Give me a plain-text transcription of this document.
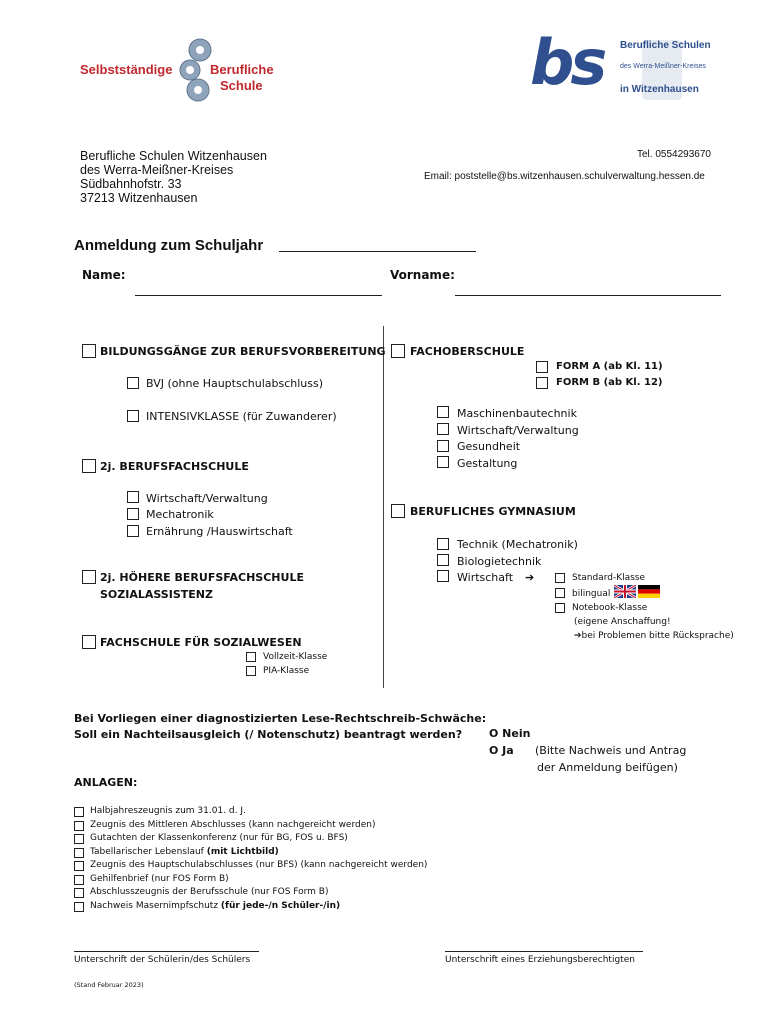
Selbstständige	Berufliche
Schule	bs Berufliche Schulen
des Werra-Meißner-Kreises
in Witzenhausen
Berufliche Schulen Witzenhausen
des Werra-Meißner-Kreises
Südbahnhofstr. 33
37213 Witzenhausen
Tel. 0554293670
Email: poststelle@bs.witzenhausen.schulverwaltung.hessen.de
Anmeldung zum Schuljahr
Name:	Vorname:
BILDUNGSGÄNGE ZUR BERUFSVORBEREITUNG
BVJ (ohne Hauptschulabschluss)
INTENSIVKLASSE (für Zuwanderer)
2j. BERUFSFACHSCHULE
Wirtschaft/Verwaltung
Mechatronik
Ernährung /Hauswirtschaft
2j. HÖHERE BERUFSFACHSCHULE
SOZIALASSISTENZ
FACHSCHULE FÜR SOZIALWESEN
Vollzeit-Klasse
PIA-Klasse
FACHOBERSCHULE
FORM A (ab Kl. 11)
FORM B (ab Kl. 12)
Maschinenbautechnik
Wirtschaft/Verwaltung
Gesundheit
Gestaltung
BERUFLICHES GYMNASIUM
Technik (Mechatronik)
Biologietechnik
Wirtschaft ➔	Standard-Klasse
bilingual
Notebook-Klasse
(eigene Anschaffung!
➔bei Problemen bitte Rücksprache)
Bei Vorliegen einer diagnostizierten Lese-Rechtschreib-Schwäche:
Soll ein Nachteilsausgleich (/ Notenschutz) beantragt werden? O Nein
O Ja (Bitte Nachweis und Antrag
der Anmeldung beifügen)
ANLAGEN:
Halbjahreszeugnis zum 31.01. d. J.
Zeugnis des Mittleren Abschlusses (kann nachgereicht werden)
Gutachten der Klassenkonferenz (nur für BG, FOS u. BFS)
Tabellarischer Lebenslauf (mit Lichtbild)
Zeugnis des Hauptschulabschlusses (nur BFS) (kann nachgereicht werden)
Gehilfenbrief (nur FOS Form B)
Abschlusszeugnis der Berufsschule (nur FOS Form B)
Nachweis Masernimpfschutz (für jede-/n Schüler-/in)
Unterschrift der Schülerin/des Schülers	Unterschrift eines Erziehungsberechtigten
(Stand Februar 2023)
